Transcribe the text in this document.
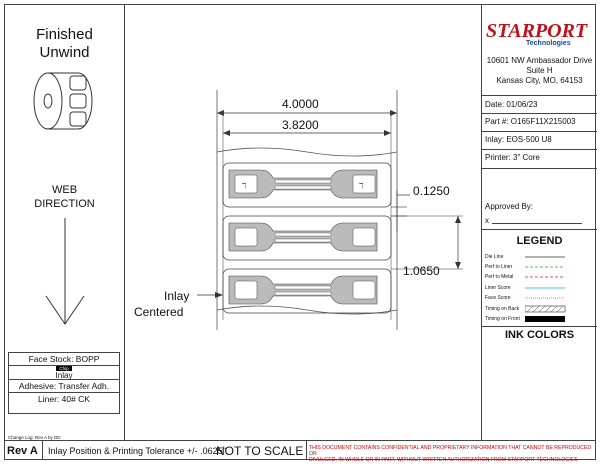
Finished
Unwind
WEB
DIRECTION
Face Stock: BOPP
Chip
Inlay
Adhesive: Transfer Adh.
Liner: 40# CK
ℸ	ℸ
4.0000
3.8200
0.1250
1.0650
Inlay
Centered
STARPORT
Technologies
10601 NW Ambassador Drive
Suite H
Kansas City, MO, 64153
Date: 01/06/23
Part #: O165F11X215003
Inlay: EOS-500 U8
Printer: 3" Core
Approved By:
x
LEGEND
INK COLORS
Die Line
Perf to Liner
Perf to Metal
Liner Score
Face Score
Timing on Back
Timing on Front
Change Log: Rev A by DD
Rev A Inlay Position & Printing Tolerance +/- .0625"
NOT TO SCALE THIS DOCUMENT CONTAINS CONFIDENTIAL AND PROPRIETARY INFORMATION THAT CANNOT BE REPRODUCED OR
DIVULGED, IN WHOLE OR IN PART, WITHOUT WRITTEN AUTHORIZATION FROM STARPORT TECHNOLOGIES
